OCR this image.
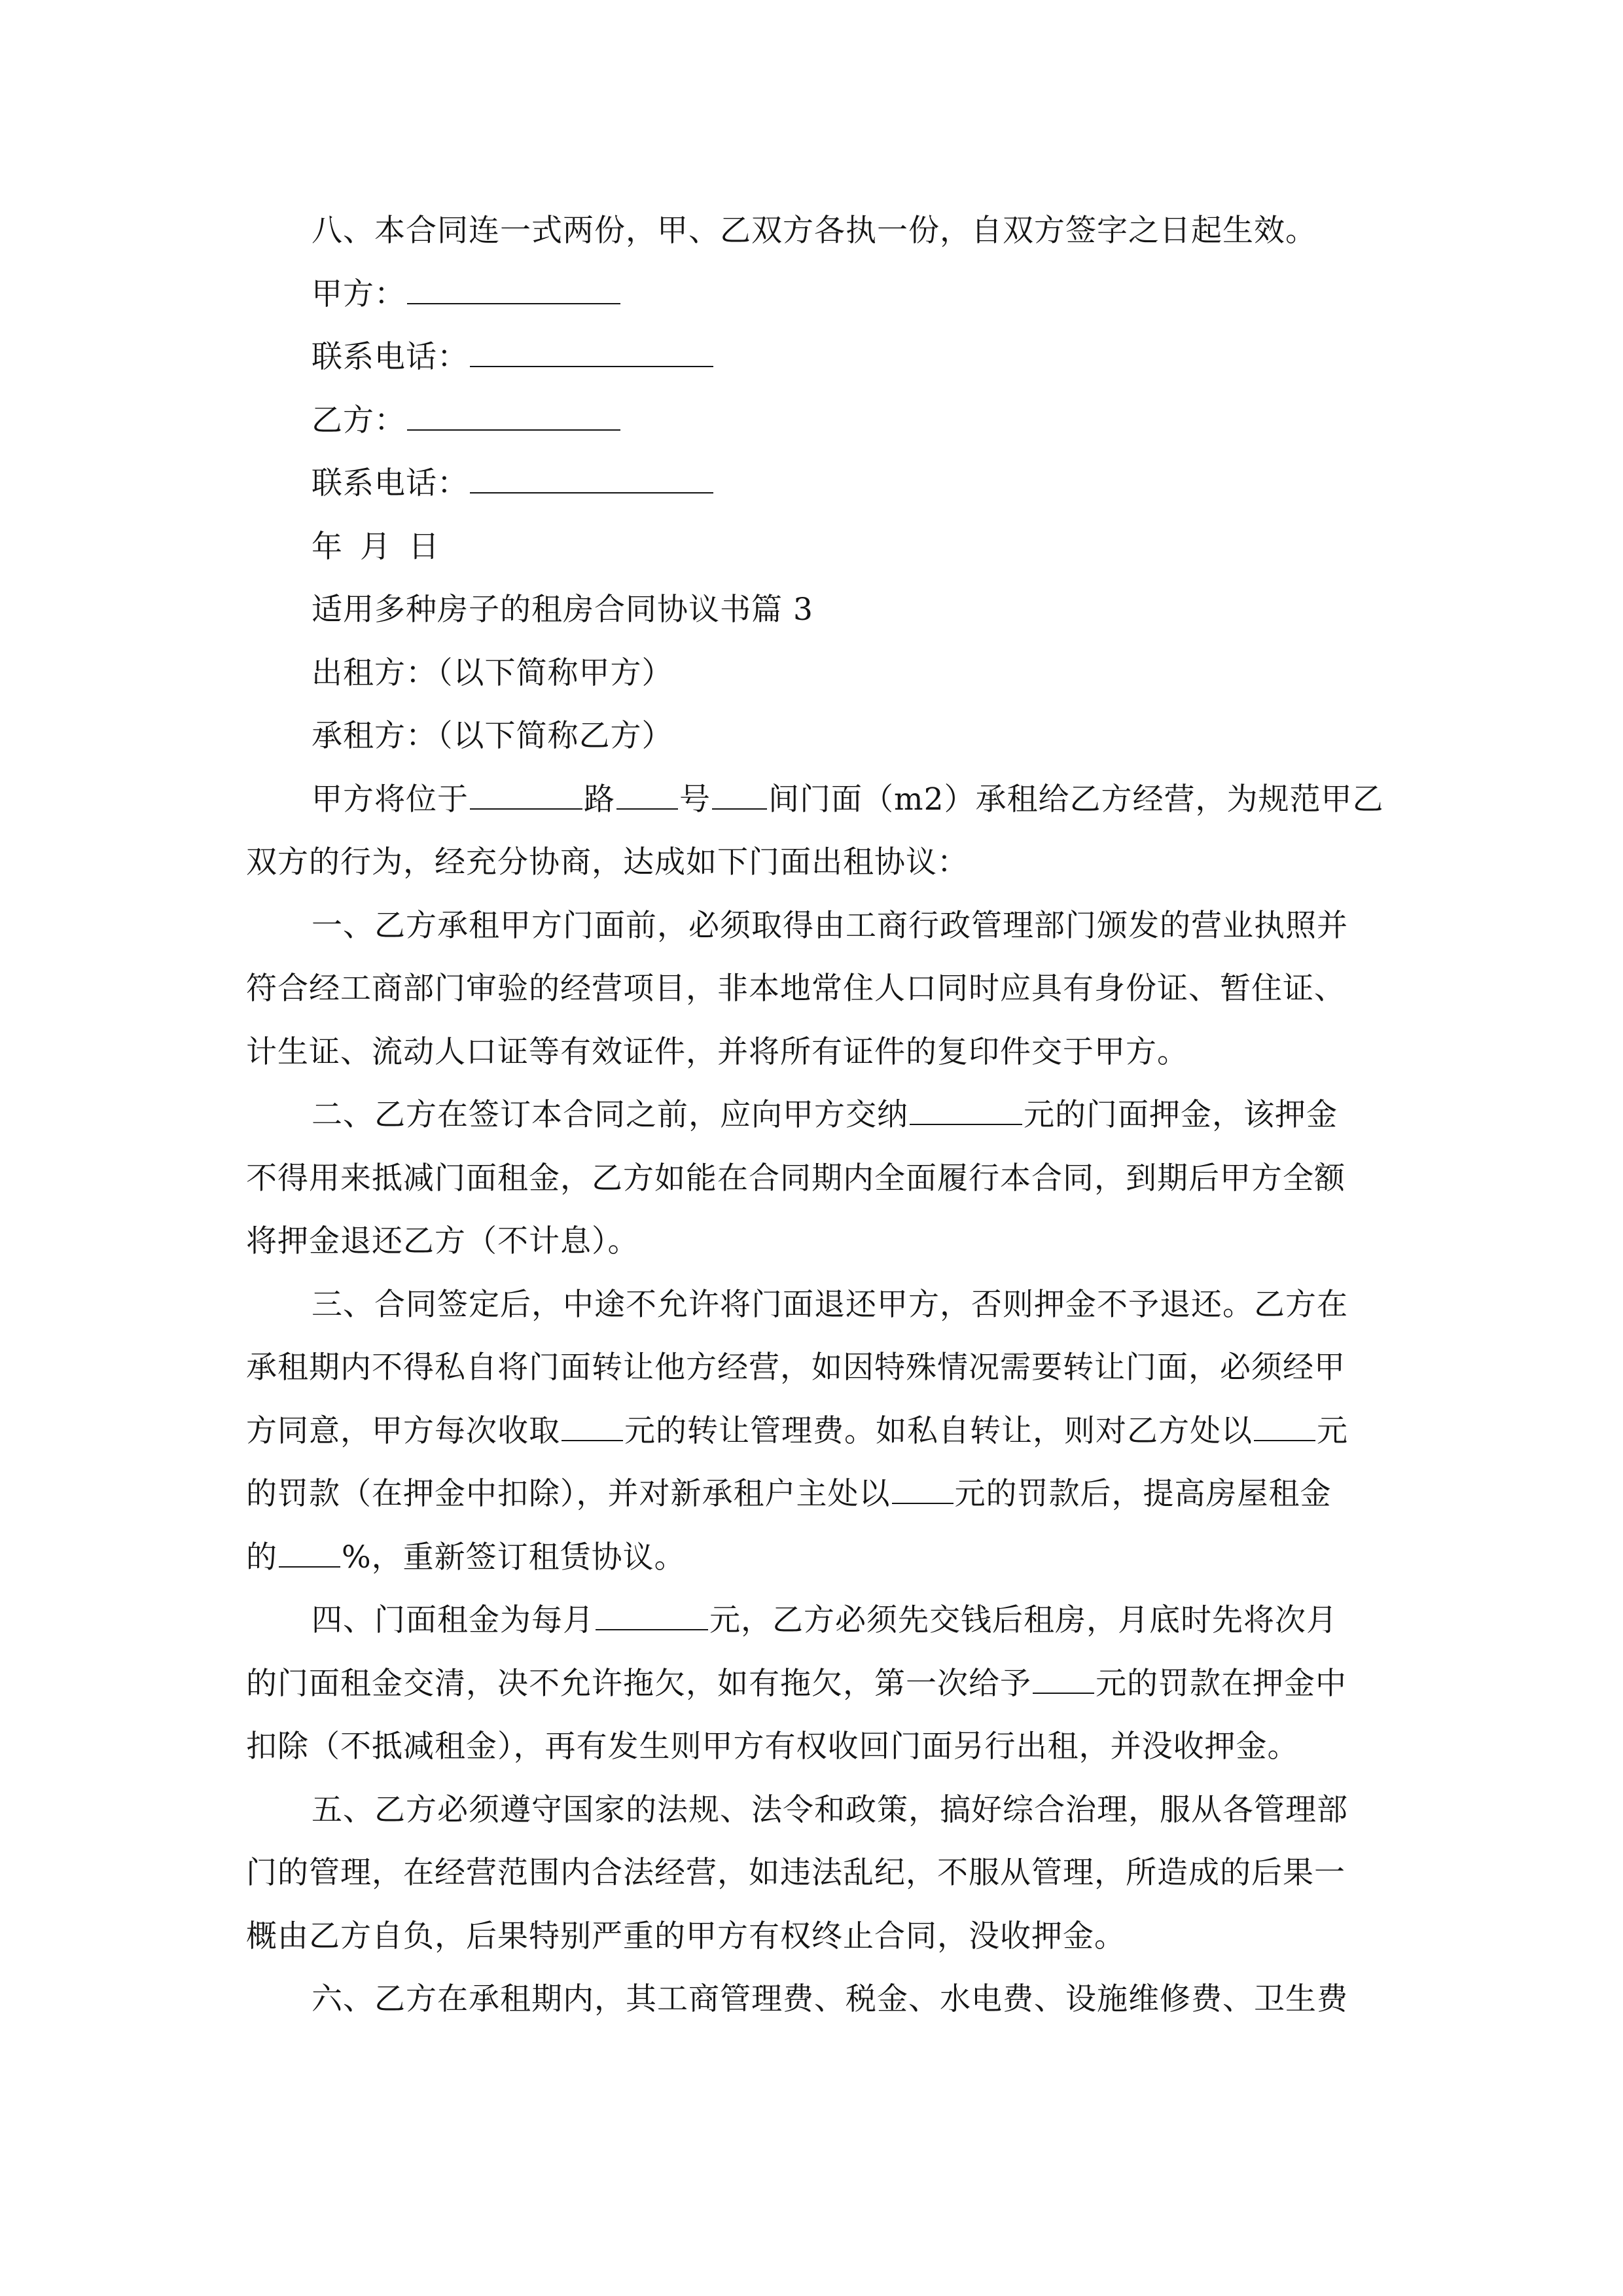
八、本合同连一式两份，甲、乙双方各执一份，自双方签字之日起生效。
甲方：
联系电话：
乙方：
联系电话：
年 月 日
适用多种房子的租房合同协议书篇 3
出租方：（以下简称甲方）
承租方：（以下简称乙方）
甲方将位于	路 号 间门面（m2）承租给乙方经营，为规范甲乙
双方的行为，经充分协商，达成如下门面出租协议：
一、乙方承租甲方门面前，必须取得由工商行政管理部门颁发的营业执照并
符合经工商部门审验的经营项目，非本地常住人口同时应具有身份证、暂住证、
计生证、流动人口证等有效证件，并将所有证件的复印件交于甲方。
二、乙方在签订本合同之前，应向甲方交纳	元的门面押金，该押金
不得用来抵减门面租金，乙方如能在合同期内全面履行本合同，到期后甲方全额
将押金退还乙方（不计息）。
三、合同签定后，中途不允许将门面退还甲方，否则押金不予退还。乙方在
承租期内不得私自将门面转让他方经营，如因特殊情况需要转让门面，必须经甲
方同意，甲方每次收取 元的转让管理费。如私自转让，则对乙方处以 元
的罚款（在押金中扣除），并对新承租户主处以 元的罚款后，提高房屋租金
的 %，重新签订租赁协议。
四、门面租金为每月	元，乙方必须先交钱后租房，月底时先将次月
的门面租金交清，决不允许拖欠，如有拖欠，第一次给予 元的罚款在押金中
扣除（不抵减租金），再有发生则甲方有权收回门面另行出租，并没收押金。
五、乙方必须遵守国家的法规、法令和政策，搞好综合治理，服从各管理部
门的管理，在经营范围内合法经营，如违法乱纪，不服从管理，所造成的后果一
概由乙方自负，后果特别严重的甲方有权终止合同，没收押金。
六、乙方在承租期内，其工商管理费、税金、水电费、设施维修费、卫生费
